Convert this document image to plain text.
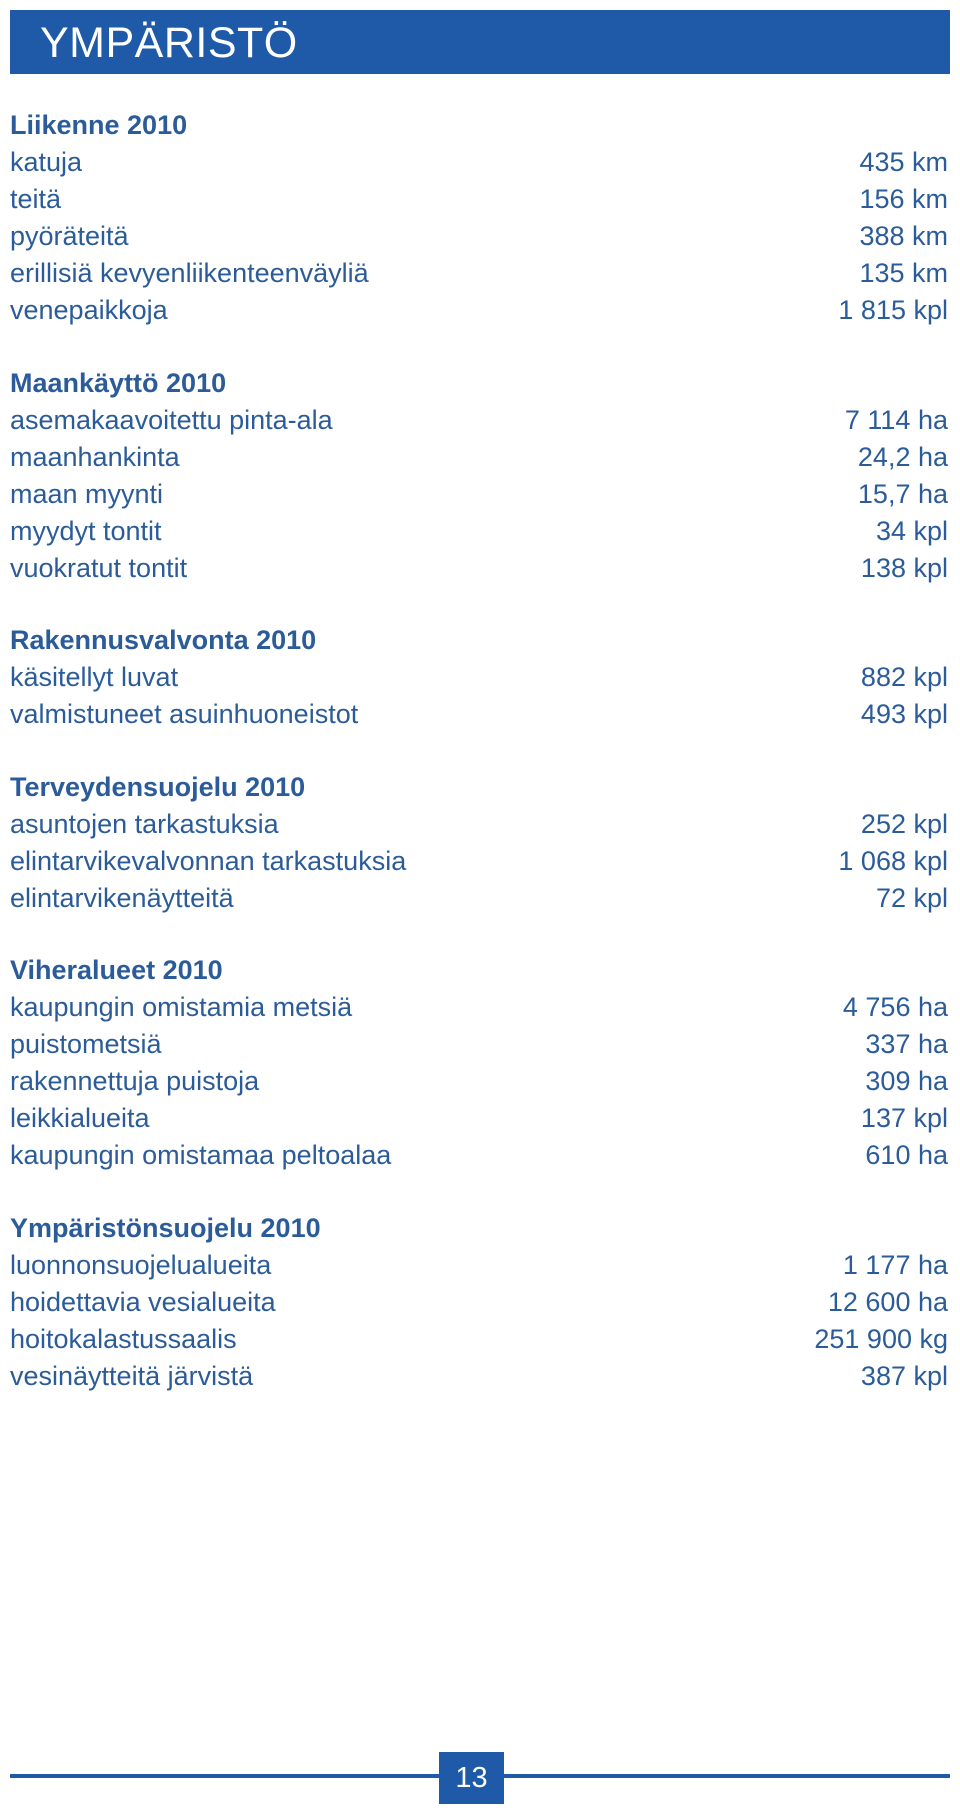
YMPÄRISTÖ
Liikenne 2010
katuja	435 km
teitä	156 km
pyöräteitä	388 km
erillisiä kevyenliikenteenväyliä	135 km
venepaikkoja	1 815 kpl
Maankäyttö 2010
asemakaavoitettu pinta-ala	7 114 ha
maanhankinta	24,2 ha
maan myynti	15,7 ha
myydyt tontit	34 kpl
vuokratut tontit	138 kpl
Rakennusvalvonta 2010
käsitellyt luvat	882 kpl
valmistuneet asuinhuoneistot	493 kpl
Terveydensuojelu 2010
asuntojen tarkastuksia	252 kpl
elintarvikevalvonnan tarkastuksia	1 068 kpl
elintarvikenäytteitä	72 kpl
Viheralueet 2010
kaupungin omistamia metsiä	4 756 ha
puistometsiä	337 ha
rakennettuja puistoja	309 ha
leikkialueita	137 kpl
kaupungin omistamaa peltoalaa	610 ha
Ympäristönsuojelu 2010
luonnonsuojelualueita	1 177 ha
hoidettavia vesialueita	12 600 ha
hoitokalastussaalis	251 900 kg
vesinäytteitä järvistä	387 kpl
13
